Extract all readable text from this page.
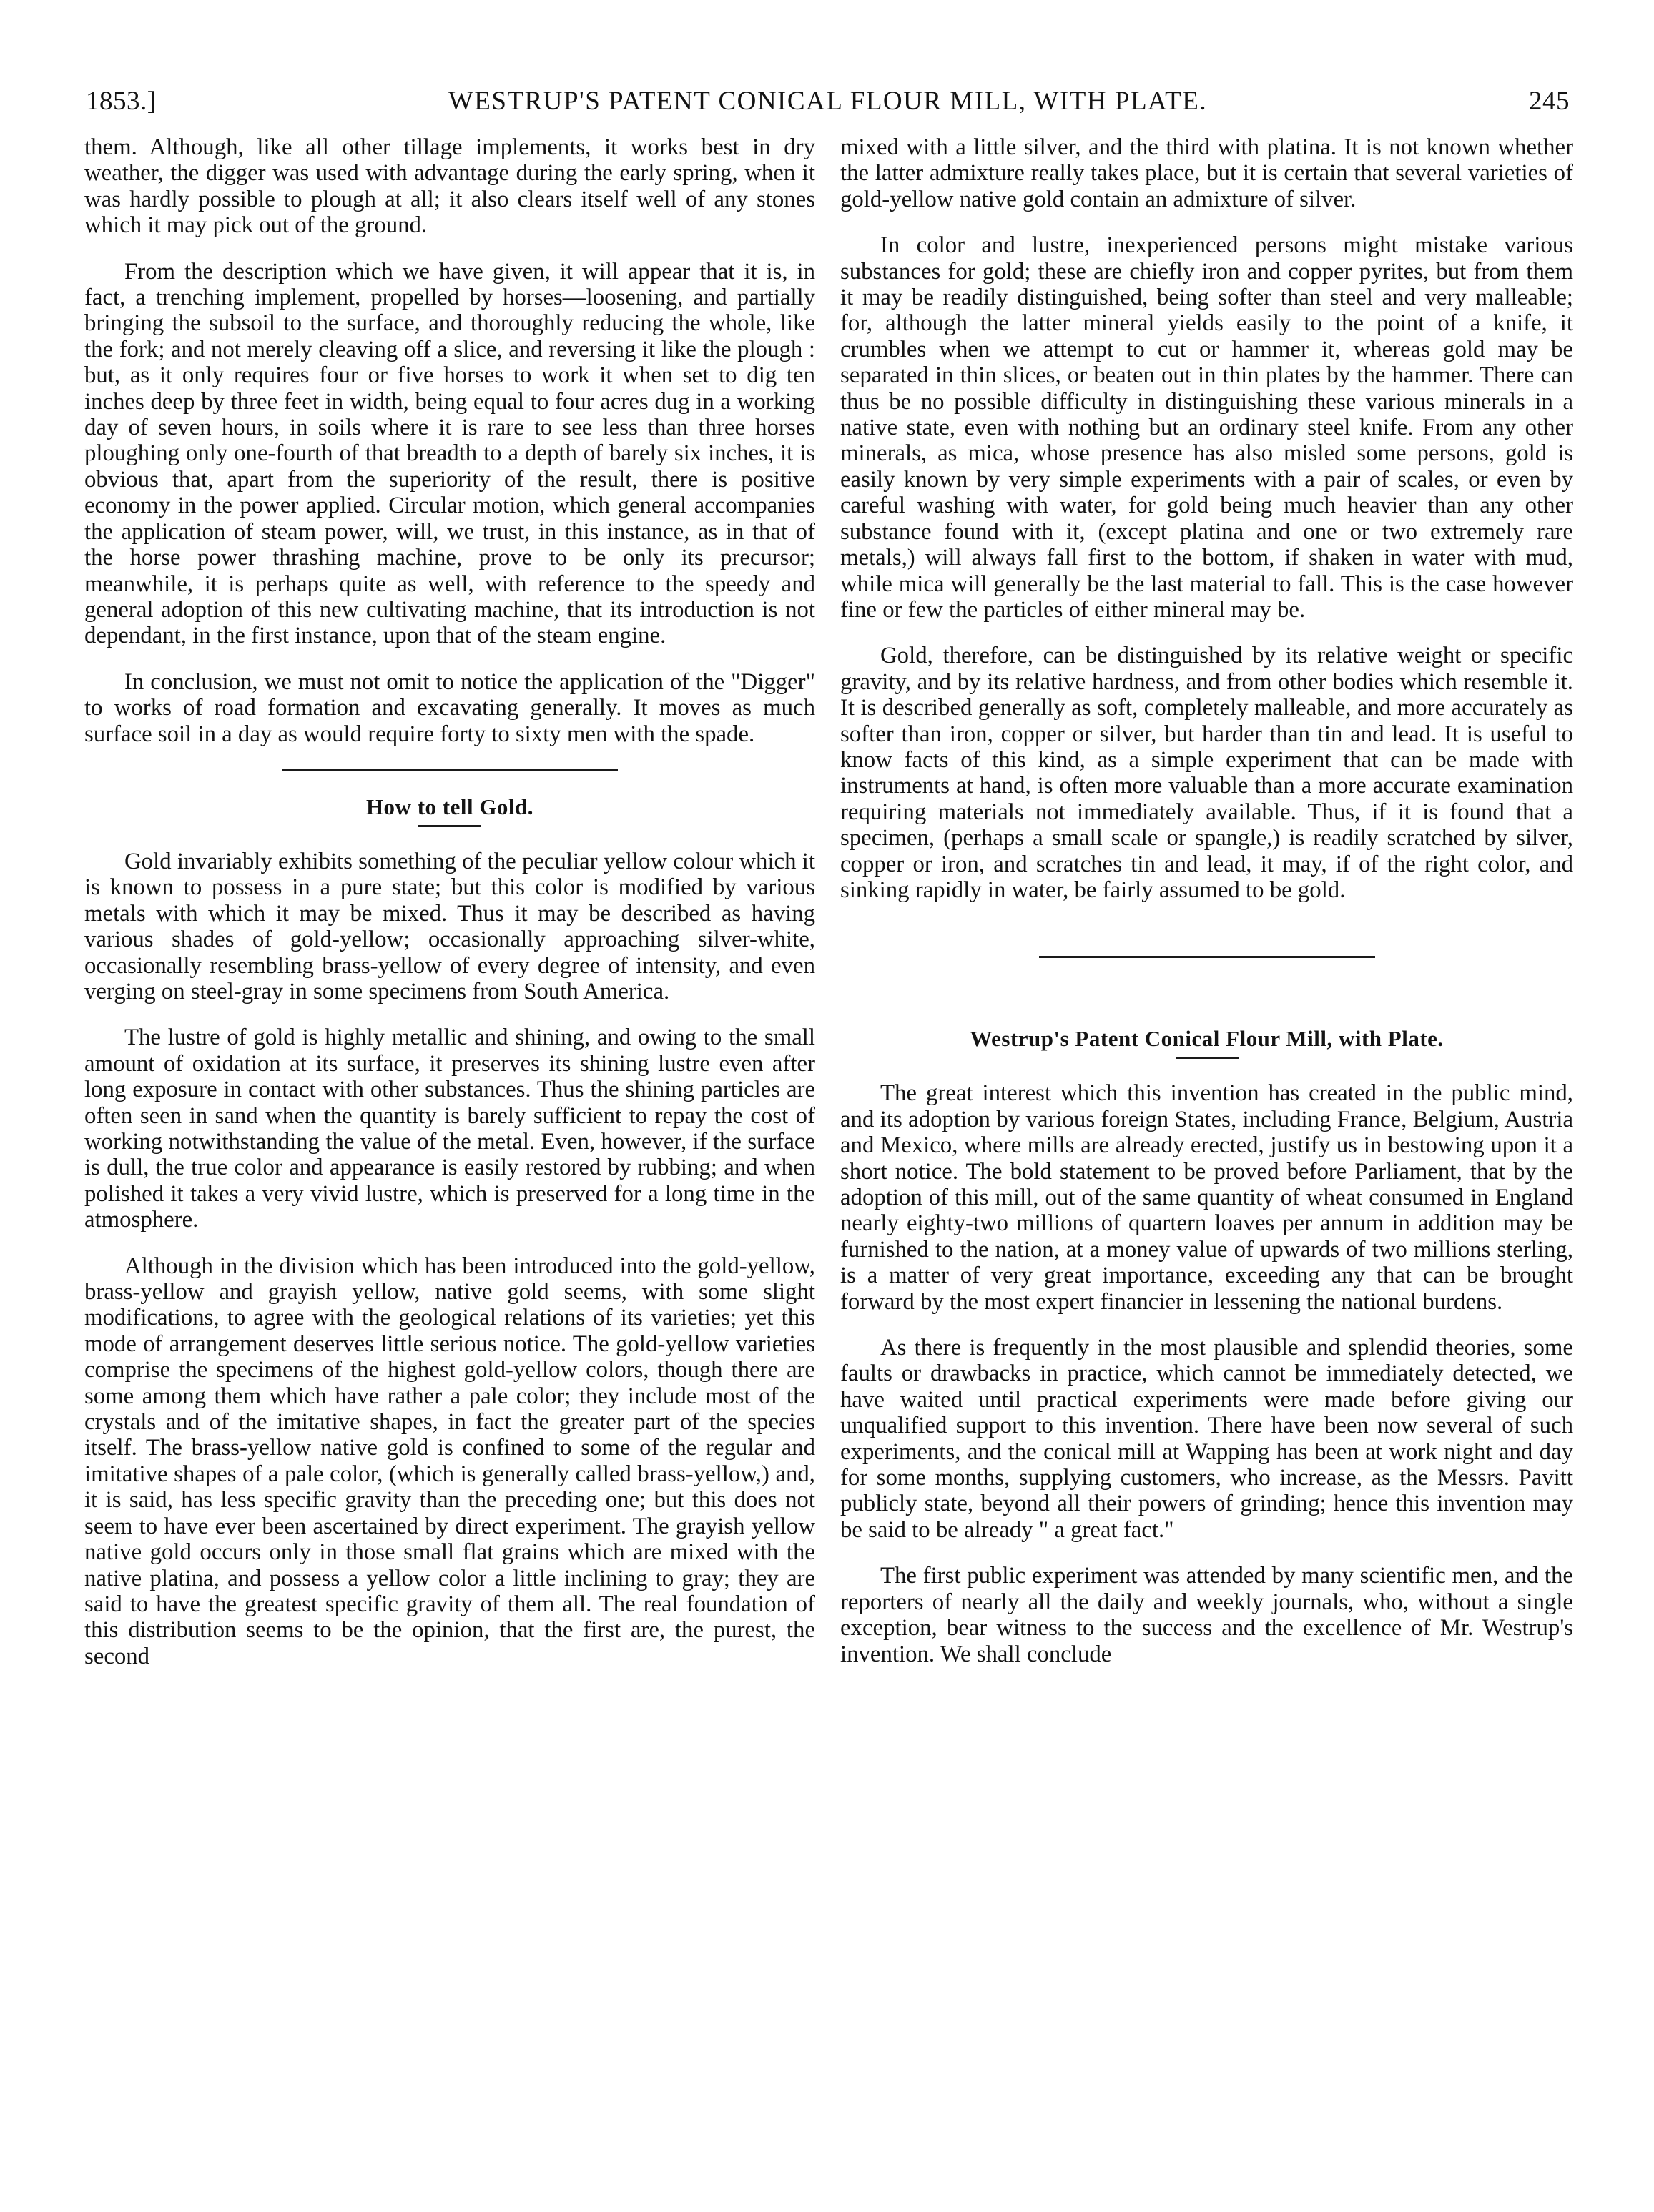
1853.]	WESTRUP'S PATENT CONICAL FLOUR MILL, WITH PLATE.	245

them. Although, like all other tillage implements, it works best in dry weather, the digger was used with advantage during the early spring, when it was hardly possible to plough at all; it also clears itself well of any stones which it may pick out of the ground.

From the description which we have given, it will appear that it is, in fact, a trenching implement, propelled by horses—loosening, and partially bringing the subsoil to the surface, and thoroughly reducing the whole, like the fork; and not merely cleaving off a slice, and reversing it like the plough : but, as it only requires four or five horses to work it when set to dig ten inches deep by three feet in width, being equal to four acres dug in a working day of seven hours, in soils where it is rare to see less than three horses ploughing only one-fourth of that breadth to a depth of barely six inches, it is obvious that, apart from the superiority of the result, there is positive economy in the power applied. Circular motion, which general accompanies the application of steam power, will, we trust, in this instance, as in that of the horse power thrashing machine, prove to be only its precursor; meanwhile, it is perhaps quite as well, with reference to the speedy and general adoption of this new cultivating machine, that its introduction is not dependant, in the first instance, upon that of the steam engine.

In conclusion, we must not omit to notice the application of the "Digger" to works of road formation and excavating generally. It moves as much surface soil in a day as would require forty to sixty men with the spade.

How to tell Gold.

Gold invariably exhibits something of the peculiar yellow colour which it is known to possess in a pure state; but this color is modified by various metals with which it may be mixed. Thus it may be described as having various shades of gold-yellow; occasionally approaching silver-white, occasionally resembling brass-yellow of every degree of intensity, and even verging on steel-gray in some specimens from South America.

The lustre of gold is highly metallic and shining, and owing to the small amount of oxidation at its surface, it preserves its shining lustre even after long exposure in contact with other substances. Thus the shining particles are often seen in sand when the quantity is barely sufficient to repay the cost of working notwithstanding the value of the metal. Even, however, if the surface is dull, the true color and appearance is easily restored by rubbing; and when polished it takes a very vivid lustre, which is preserved for a long time in the atmosphere.

Although in the division which has been introduced into the gold-yellow, brass-yellow and grayish yellow, native gold seems, with some slight modifications, to agree with the geological relations of its varieties; yet this mode of arrangement deserves little serious notice. The gold-yellow varieties comprise the specimens of the highest gold-yellow colors, though there are some among them which have rather a pale color; they include most of the crystals and of the imitative shapes, in fact the greater part of the species itself. The brass-yellow native gold is confined to some of the regular and imitative shapes of a pale color, (which is generally called brass-yellow,) and, it is said, has less specific gravity than the preceding one; but this does not seem to have ever been ascertained by direct experiment. The grayish yellow native gold occurs only in those small flat grains which are mixed with the native platina, and possess a yellow color a little inclining to gray; they are said to have the greatest specific gravity of them all. The real foundation of this distribution seems to be the opinion, that the first are, the purest, the second

mixed with a little silver, and the third with platina. It is not known whether the latter admixture really takes place, but it is certain that several varieties of gold-yellow native gold contain an admixture of silver.

In color and lustre, inexperienced persons might mistake various substances for gold; these are chiefly iron and copper pyrites, but from them it may be readily distinguished, being softer than steel and very malleable; for, although the latter mineral yields easily to the point of a knife, it crumbles when we attempt to cut or hammer it, whereas gold may be separated in thin slices, or beaten out in thin plates by the hammer. There can thus be no possible difficulty in distinguishing these various minerals in a native state, even with nothing but an ordinary steel knife. From any other minerals, as mica, whose presence has also misled some persons, gold is easily known by very simple experiments with a pair of scales, or even by careful washing with water, for gold being much heavier than any other substance found with it, (except platina and one or two extremely rare metals,) will always fall first to the bottom, if shaken in water with mud, while mica will generally be the last material to fall. This is the case however fine or few the particles of either mineral may be.

Gold, therefore, can be distinguished by its relative weight or specific gravity, and by its relative hardness, and from other bodies which resemble it. It is described generally as soft, completely malleable, and more accurately as softer than iron, copper or silver, but harder than tin and lead. It is useful to know facts of this kind, as a simple experiment that can be made with instruments at hand, is often more valuable than a more accurate examination requiring materials not immediately available. Thus, if it is found that a specimen, (perhaps a small scale or spangle,) is readily scratched by silver, copper or iron, and scratches tin and lead, it may, if of the right color, and sinking rapidly in water, be fairly assumed to be gold.

Westrup's Patent Conical Flour Mill, with Plate.

The great interest which this invention has created in the public mind, and its adoption by various foreign States, including France, Belgium, Austria and Mexico, where mills are already erected, justify us in bestowing upon it a short notice. The bold statement to be proved before Parliament, that by the adoption of this mill, out of the same quantity of wheat consumed in England nearly eighty-two millions of quartern loaves per annum in addition may be furnished to the nation, at a money value of upwards of two millions sterling, is a matter of very great importance, exceeding any that can be brought forward by the most expert financier in lessening the national burdens.

As there is frequently in the most plausible and splendid theories, some faults or drawbacks in practice, which cannot be immediately detected, we have waited until practical experiments were made before giving our unqualified support to this invention. There have been now several of such experiments, and the conical mill at Wapping has been at work night and day for some months, supplying customers, who increase, as the Messrs. Pavitt publicly state, beyond all their powers of grinding; hence this invention may be said to be already " a great fact."

The first public experiment was attended by many scientific men, and the reporters of nearly all the daily and weekly journals, who, without a single exception, bear witness to the success and the excellence of Mr. Westrup's invention. We shall conclude
